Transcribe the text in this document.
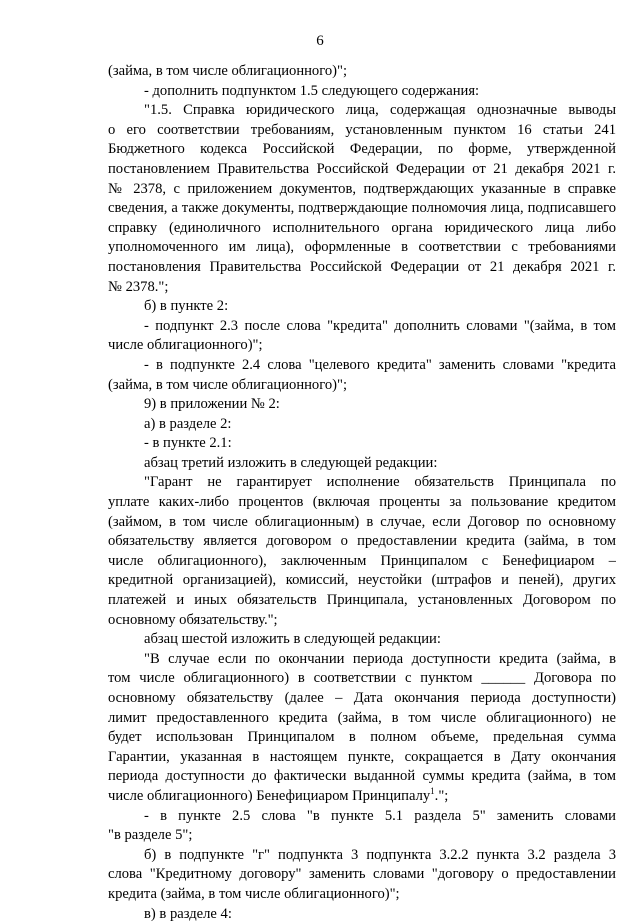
6
(займа, в том числе облигационного)";
- дополнить подпунктом 1.5 следующего содержания:
"1.5. Справка юридического лица, содержащая однозначные выводы
о его соответствии требованиям, установленным пунктом 16 статьи 241
Бюджетного кодекса Российской Федерации, по форме, утвержденной
постановлением Правительства Российской Федерации от 21 декабря 2021 г.
№ 2378, с приложением документов, подтверждающих указанные в справке
сведения, а также документы, подтверждающие полномочия лица, подписавшего
справку (единоличного исполнительного органа юридического лица либо
уполномоченного им лица), оформленные в соответствии с требованиями
постановления Правительства Российской Федерации от 21 декабря 2021 г.
№ 2378.";
б) в пункте 2:
- подпункт 2.3 после слова "кредита" дополнить словами "(займа, в том
числе облигационного)";
- в подпункте 2.4 слова "целевого кредита" заменить словами "кредита
(займа, в том числе облигационного)";
9) в приложении № 2:
а) в разделе 2:
- в пункте 2.1:
абзац третий изложить в следующей редакции:
"Гарант не гарантирует исполнение обязательств Принципала по
уплате каких-либо процентов (включая проценты за пользование кредитом
(займом, в том числе облигационным) в случае, если Договор по основному
обязательству является договором о предоставлении кредита (займа, в том
числе облигационного), заключенным Принципалом с Бенефициаром –
кредитной организацией), комиссий, неустойки (штрафов и пеней), других
платежей и иных обязательств Принципала, установленных Договором по
основному обязательству.";
абзац шестой изложить в следующей редакции:
"В случае если по окончании периода доступности кредита (займа, в
том числе облигационного) в соответствии с пунктом ______ Договора по
основному обязательству (далее – Дата окончания периода доступности)
лимит предоставленного кредита (займа, в том числе облигационного) не
будет использован Принципалом в полном объеме, предельная сумма
Гарантии, указанная в настоящем пункте, сокращается в Дату окончания
периода доступности до фактически выданной суммы кредита (займа, в том
числе облигационного) Бенефициаром Принципалу$^1$.";
- в пункте 2.5 слова "в пункте 5.1 раздела 5" заменить словами
"в разделе 5";
б) в подпункте "г" подпункта 3 подпункта 3.2.2 пункта 3.2 раздела 3
слова "Кредитному договору" заменить словами "договору о предоставлении
кредита (займа, в том числе облигационного)";
в) в разделе 4:
